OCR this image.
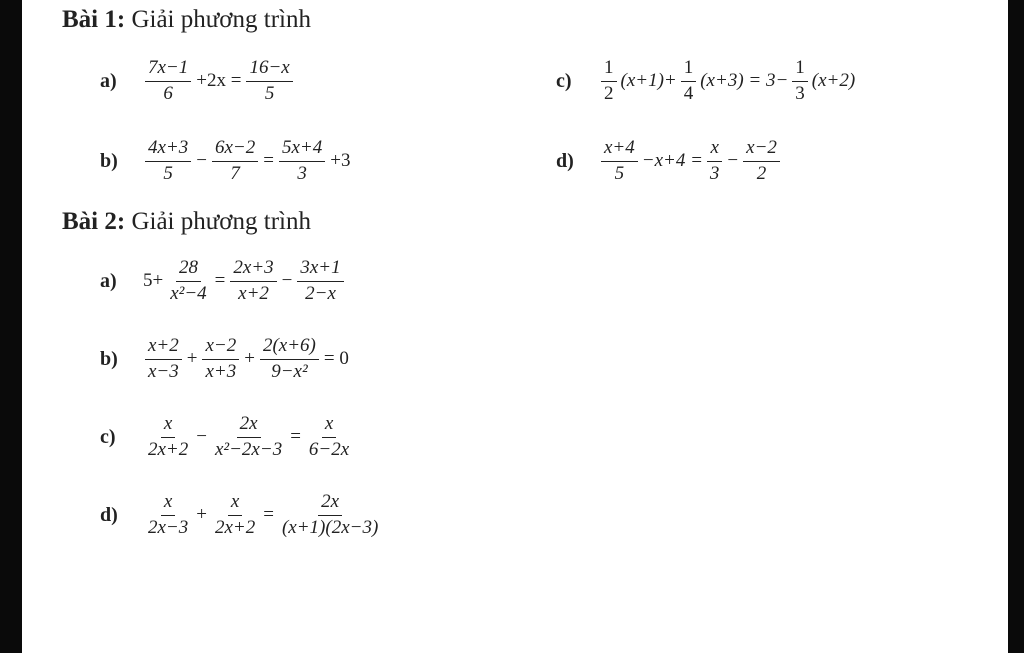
Bài 1: Giải phương trình
a)	$\frac{7x-1}{6} +2x = \frac{16-x}{5}$
b)	$\frac{4x+3}{5} - \frac{6x-2}{7} = \frac{5x+4}{3} +3$
c)	$\frac{1}{2} (x+1)+ \frac{1}{4} (x+3) = 3- \frac{1}{3} (x+2)$
d)	$\frac{x+4}{5} -x+4 = \frac{x}{3} - \frac{x-2}{2}$
Bài 2: Giải phương trình
a)	$5+ \frac{28}{\text{x²−4}} = \frac{2x+3}{x+2} - \frac{3x+1}{2-x}$
b)	$\frac{x+2}{x-3} + \frac{x-2}{x+3} + \frac{2(x+6)}{\text{9−x²}} = 0$
c)	$\frac{x}{2x+2} - \frac{2x}{\text{x²−2x−3}} = \frac{x}{6-2x}$
d)	$\frac{x}{2x-3} + \frac{x}{2x+2} = \frac{2x}{(x+1)(2x-3)}$
